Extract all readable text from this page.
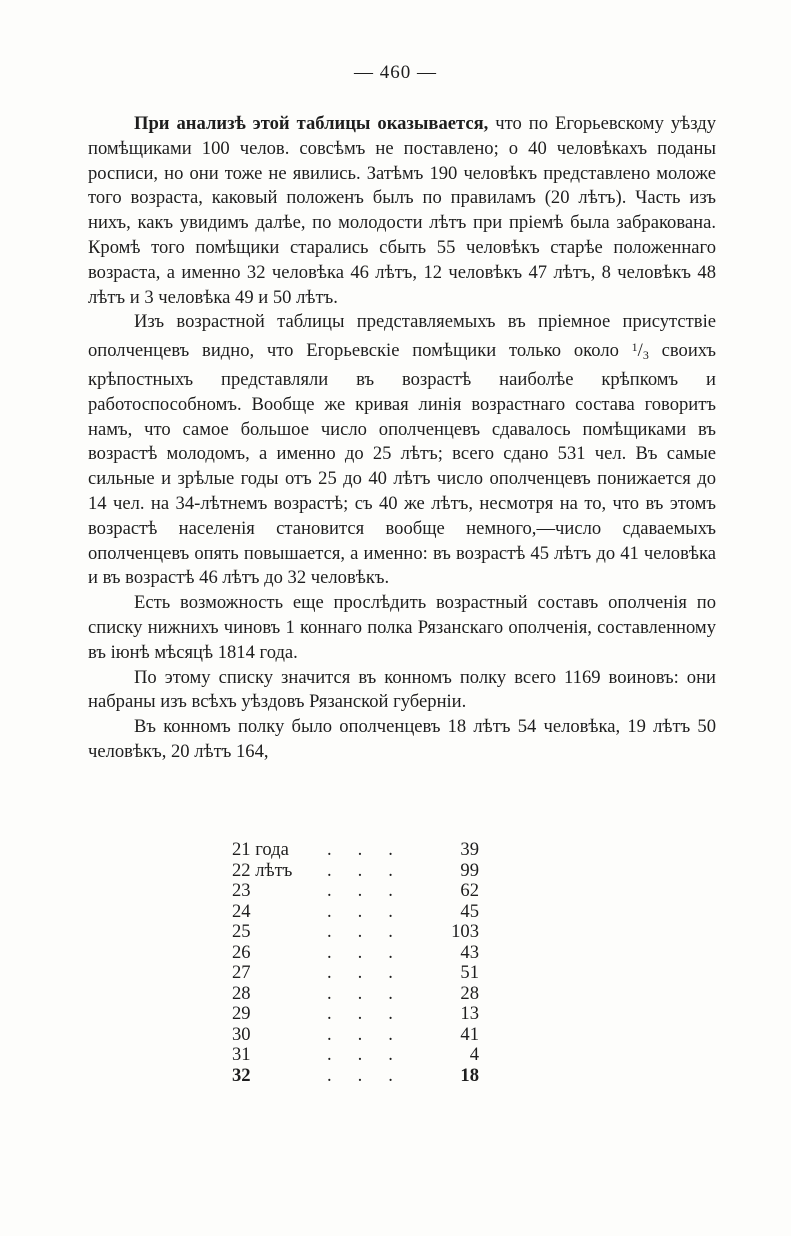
— 460 —

При анализѣ этой таблицы оказывается, что по Егорьевскому уѣзду помѣщиками 100 челов. совсѣмъ не поставлено; о 40 человѣкахъ поданы росписи, но они тоже не явились. Затѣмъ 190 человѣкъ представлено моложе того возраста, каковый положенъ былъ по правиламъ (20 лѣтъ). Часть изъ нихъ, какъ увидимъ далѣе, по молодости лѣтъ при пріемѣ была забракована. Кромѣ того помѣщики старались сбыть 55 человѣкъ старѣе положеннаго возраста, а именно 32 человѣка 46 лѣтъ, 12 человѣкъ 47 лѣтъ, 8 человѣкъ 48 лѣтъ и 3 человѣка 49 и 50 лѣтъ.

Изъ возрастной таблицы представляемыхъ въ пріемное присутствіе ополченцевъ видно, что Егорьевскіе помѣщики только около $^1$/3 своихъ крѣпостныхъ представляли въ возрастѣ наиболѣе крѣпкомъ и работоспособномъ. Вообще же кривая линія возрастнаго состава говоритъ намъ, что самое большое число ополченцевъ сдавалось помѣщиками въ возрастѣ молодомъ, а именно до 25 лѣтъ; всего сдано 531 чел. Въ самые сильные и зрѣлые годы отъ 25 до 40 лѣтъ число ополченцевъ понижается до 14 чел. на 34-лѣтнемъ возрастѣ; съ 40 же лѣтъ, несмотря на то, что въ этомъ возрастѣ населенія становится вообще немного,—число сдаваемыхъ ополченцевъ опять повышается, а именно: въ возрастѣ 45 лѣтъ до 41 человѣка и въ возрастѣ 46 лѣтъ до 32 человѣкъ.

Есть возможность еще прослѣдить возрастный составъ ополченія по списку нижнихъ чиновъ 1 коннаго полка Рязанскаго ополченія, составленному въ іюнѣ мѣсяцѣ 1814 года.

По этому списку значится въ конномъ полку всего 1169 воиновъ: они набраны изъ всѣхъ уѣздовъ Рязанской губерніи.

Въ конномъ полку было ополченцевъ 18 лѣтъ 54 человѣка, 19 лѣтъ 50 человѣкъ, 20 лѣтъ 164,

21 года	...	39
22 лѣтъ	...	99
23	...	62
24	...	45
25	...	103
26	...	43
27	...	51
28	...	28
29	...	13
30	...	41
31	...	4
32	...	18
